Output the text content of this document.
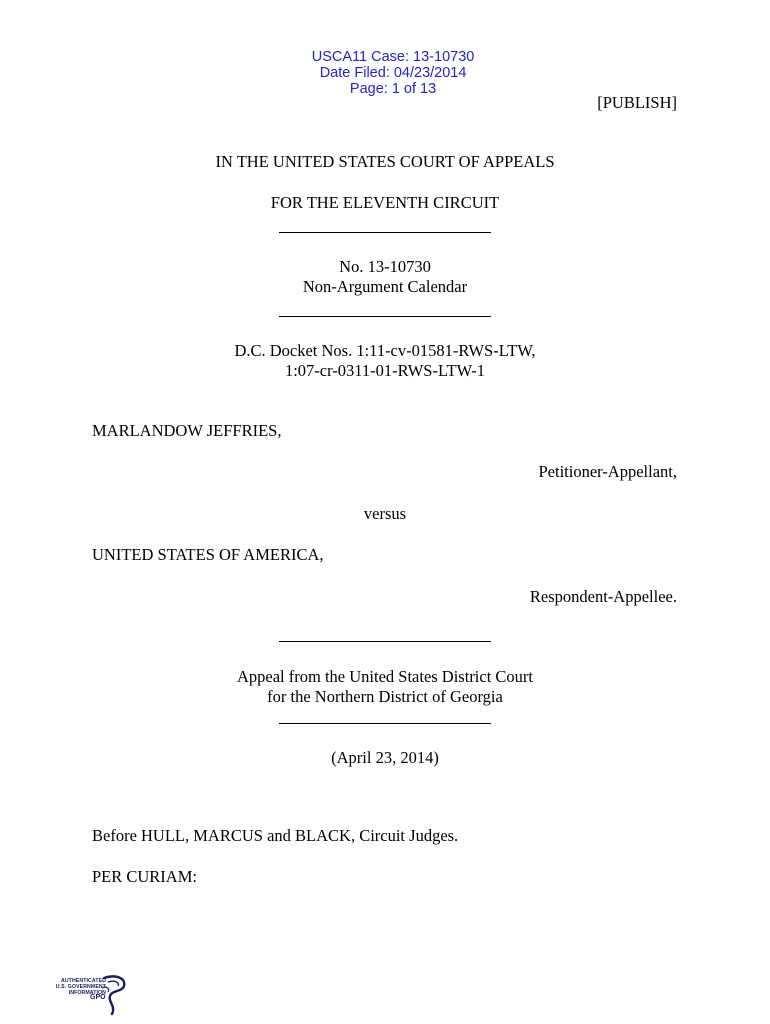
USCA11 Case: 13-10730
Date Filed: 04/23/2014
Page: 1 of 13

[PUBLISH]
IN THE UNITED STATES COURT OF APPEALS
FOR THE ELEVENTH CIRCUIT
No. 13-10730
Non-Argument Calendar
D.C. Docket Nos. 1:11-cv-01581-RWS-LTW,
1:07-cr-0311-01-RWS-LTW-1
MARLANDOW JEFFRIES,
Petitioner-Appellant,
versus
UNITED STATES OF AMERICA,
Respondent-Appellee.
Appeal from the United States District Court
for the Northern District of Georgia
(April 23, 2014)
Before HULL, MARCUS and BLACK, Circuit Judges.
PER CURIAM:
AUTHENTICATED
U.S. GOVERNMENT
INFORMATION
GPO
